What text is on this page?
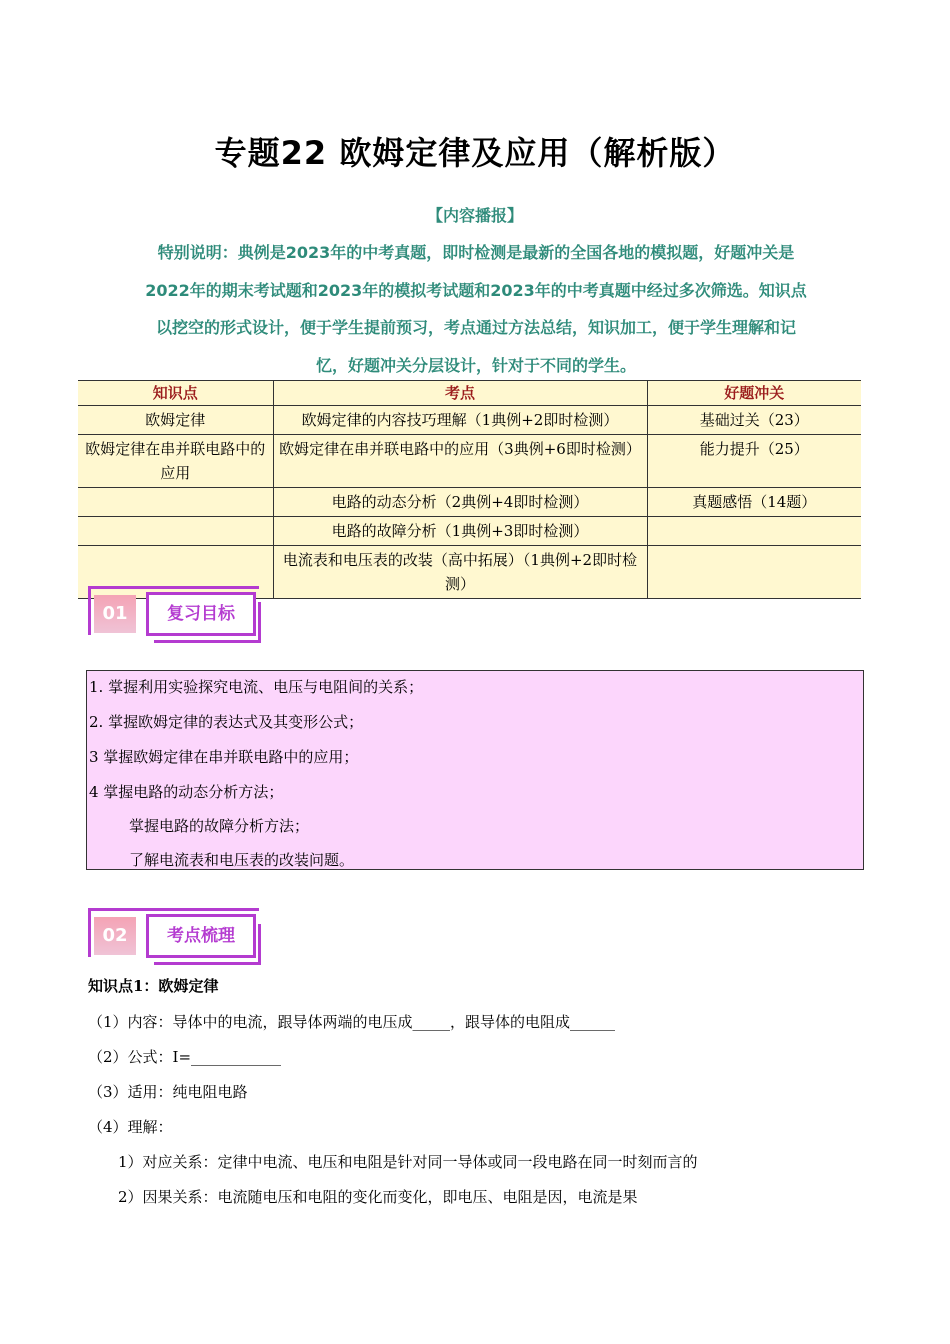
专题22 欧姆定律及应用（解析版）
【内容播报】
特别说明：典例是2023年的中考真题，即时检测是最新的全国各地的模拟题，好题冲关是
2022年的期末考试题和2023年的模拟考试题和2023年的中考真题中经过多次筛选。知识点
以挖空的形式设计，便于学生提前预习，考点通过方法总结，知识加工，便于学生理解和记
忆，好题冲关分层设计，针对于不同的学生。
知识点	考点	好题冲关
欧姆定律	欧姆定律的内容技巧理解（1典例+2即时检测）	基础过关（23）
欧姆定律在串并联电路中的应用	欧姆定律在串并联电路中的应用（3典例+6即时检测）	能力提升（25）
	电路的动态分析（2典例+4即时检测）	真题感悟（14题）
	电路的故障分析（1典例+3即时检测）	
	电流表和电压表的改装（高中拓展）（1典例+2即时检测）	
01	复习目标
1. 掌握利用实验探究电流、电压与电阻间的关系；
2. 掌握欧姆定律的表达式及其变形公式；
3 掌握欧姆定律在串并联电路中的应用；
4 掌握电路的动态分析方法；
掌握电路的故障分析方法；
了解电流表和电压表的改装问题。
02	考点梳理
知识点1：欧姆定律
（1）内容：导体中的电流，跟导体两端的电压成_____，跟导体的电阻成______
（2）公式：I=____________
（3）适用：纯电阻电路
（4）理解：
1）对应关系：定律中电流、电压和电阻是针对同一导体或同一段电路在同一时刻而言的
2）因果关系：电流随电压和电阻的变化而变化，即电压、电阻是因，电流是果
